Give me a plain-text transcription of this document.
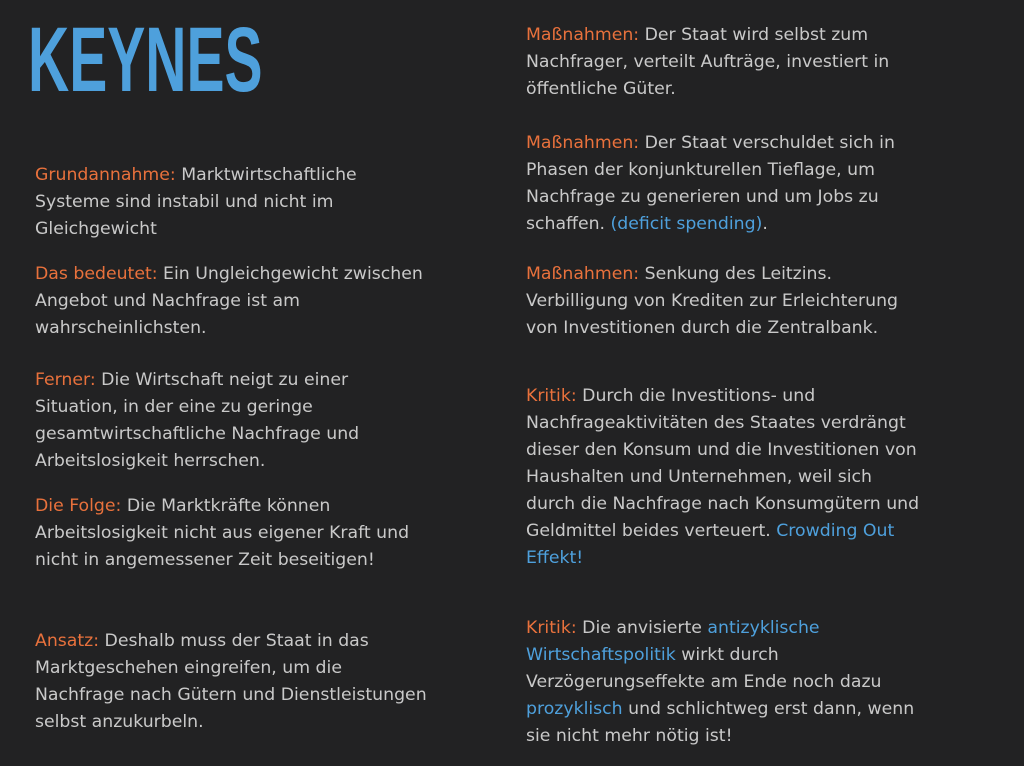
KEYNES

Grundannahme: Marktwirtschaftliche Systeme sind instabil und nicht im Gleichgewicht

Das bedeutet: Ein Ungleichgewicht zwischen Angebot und Nachfrage ist am wahrscheinlichsten.

Ferner: Die Wirtschaft neigt zu einer Situation, in der eine zu geringe gesamtwirtschaftliche Nachfrage und Arbeitslosigkeit herrschen.

Die Folge: Die Marktkräfte können Arbeitslosigkeit nicht aus eigener Kraft und nicht in angemessener Zeit beseitigen!

Ansatz: Deshalb muss der Staat in das Marktgeschehen eingreifen, um die Nachfrage nach Gütern und Dienstleistungen selbst anzukurbeln.

Maßnahmen: Der Staat wird selbst zum Nachfrager, verteilt Aufträge, investiert in öffentliche Güter.

Maßnahmen: Der Staat verschuldet sich in Phasen der konjunkturellen Tieflage, um Nachfrage zu generieren und um Jobs zu schaffen. (deficit spending).

Maßnahmen: Senkung des Leitzins. Verbilligung von Krediten zur Erleichterung von Investitionen durch die Zentralbank.

Kritik: Durch die Investitions- und Nachfrageaktivitäten des Staates verdrängt dieser den Konsum und die Investitionen von Haushalten und Unternehmen, weil sich durch die Nachfrage nach Konsumgütern und Geldmittel beides verteuert. Crowding Out Effekt!

Kritik: Die anvisierte antizyklische Wirtschaftspolitik wirkt durch Verzögerungseffekte am Ende noch dazu prozyklisch und schlichtweg erst dann, wenn sie nicht mehr nötig ist!
